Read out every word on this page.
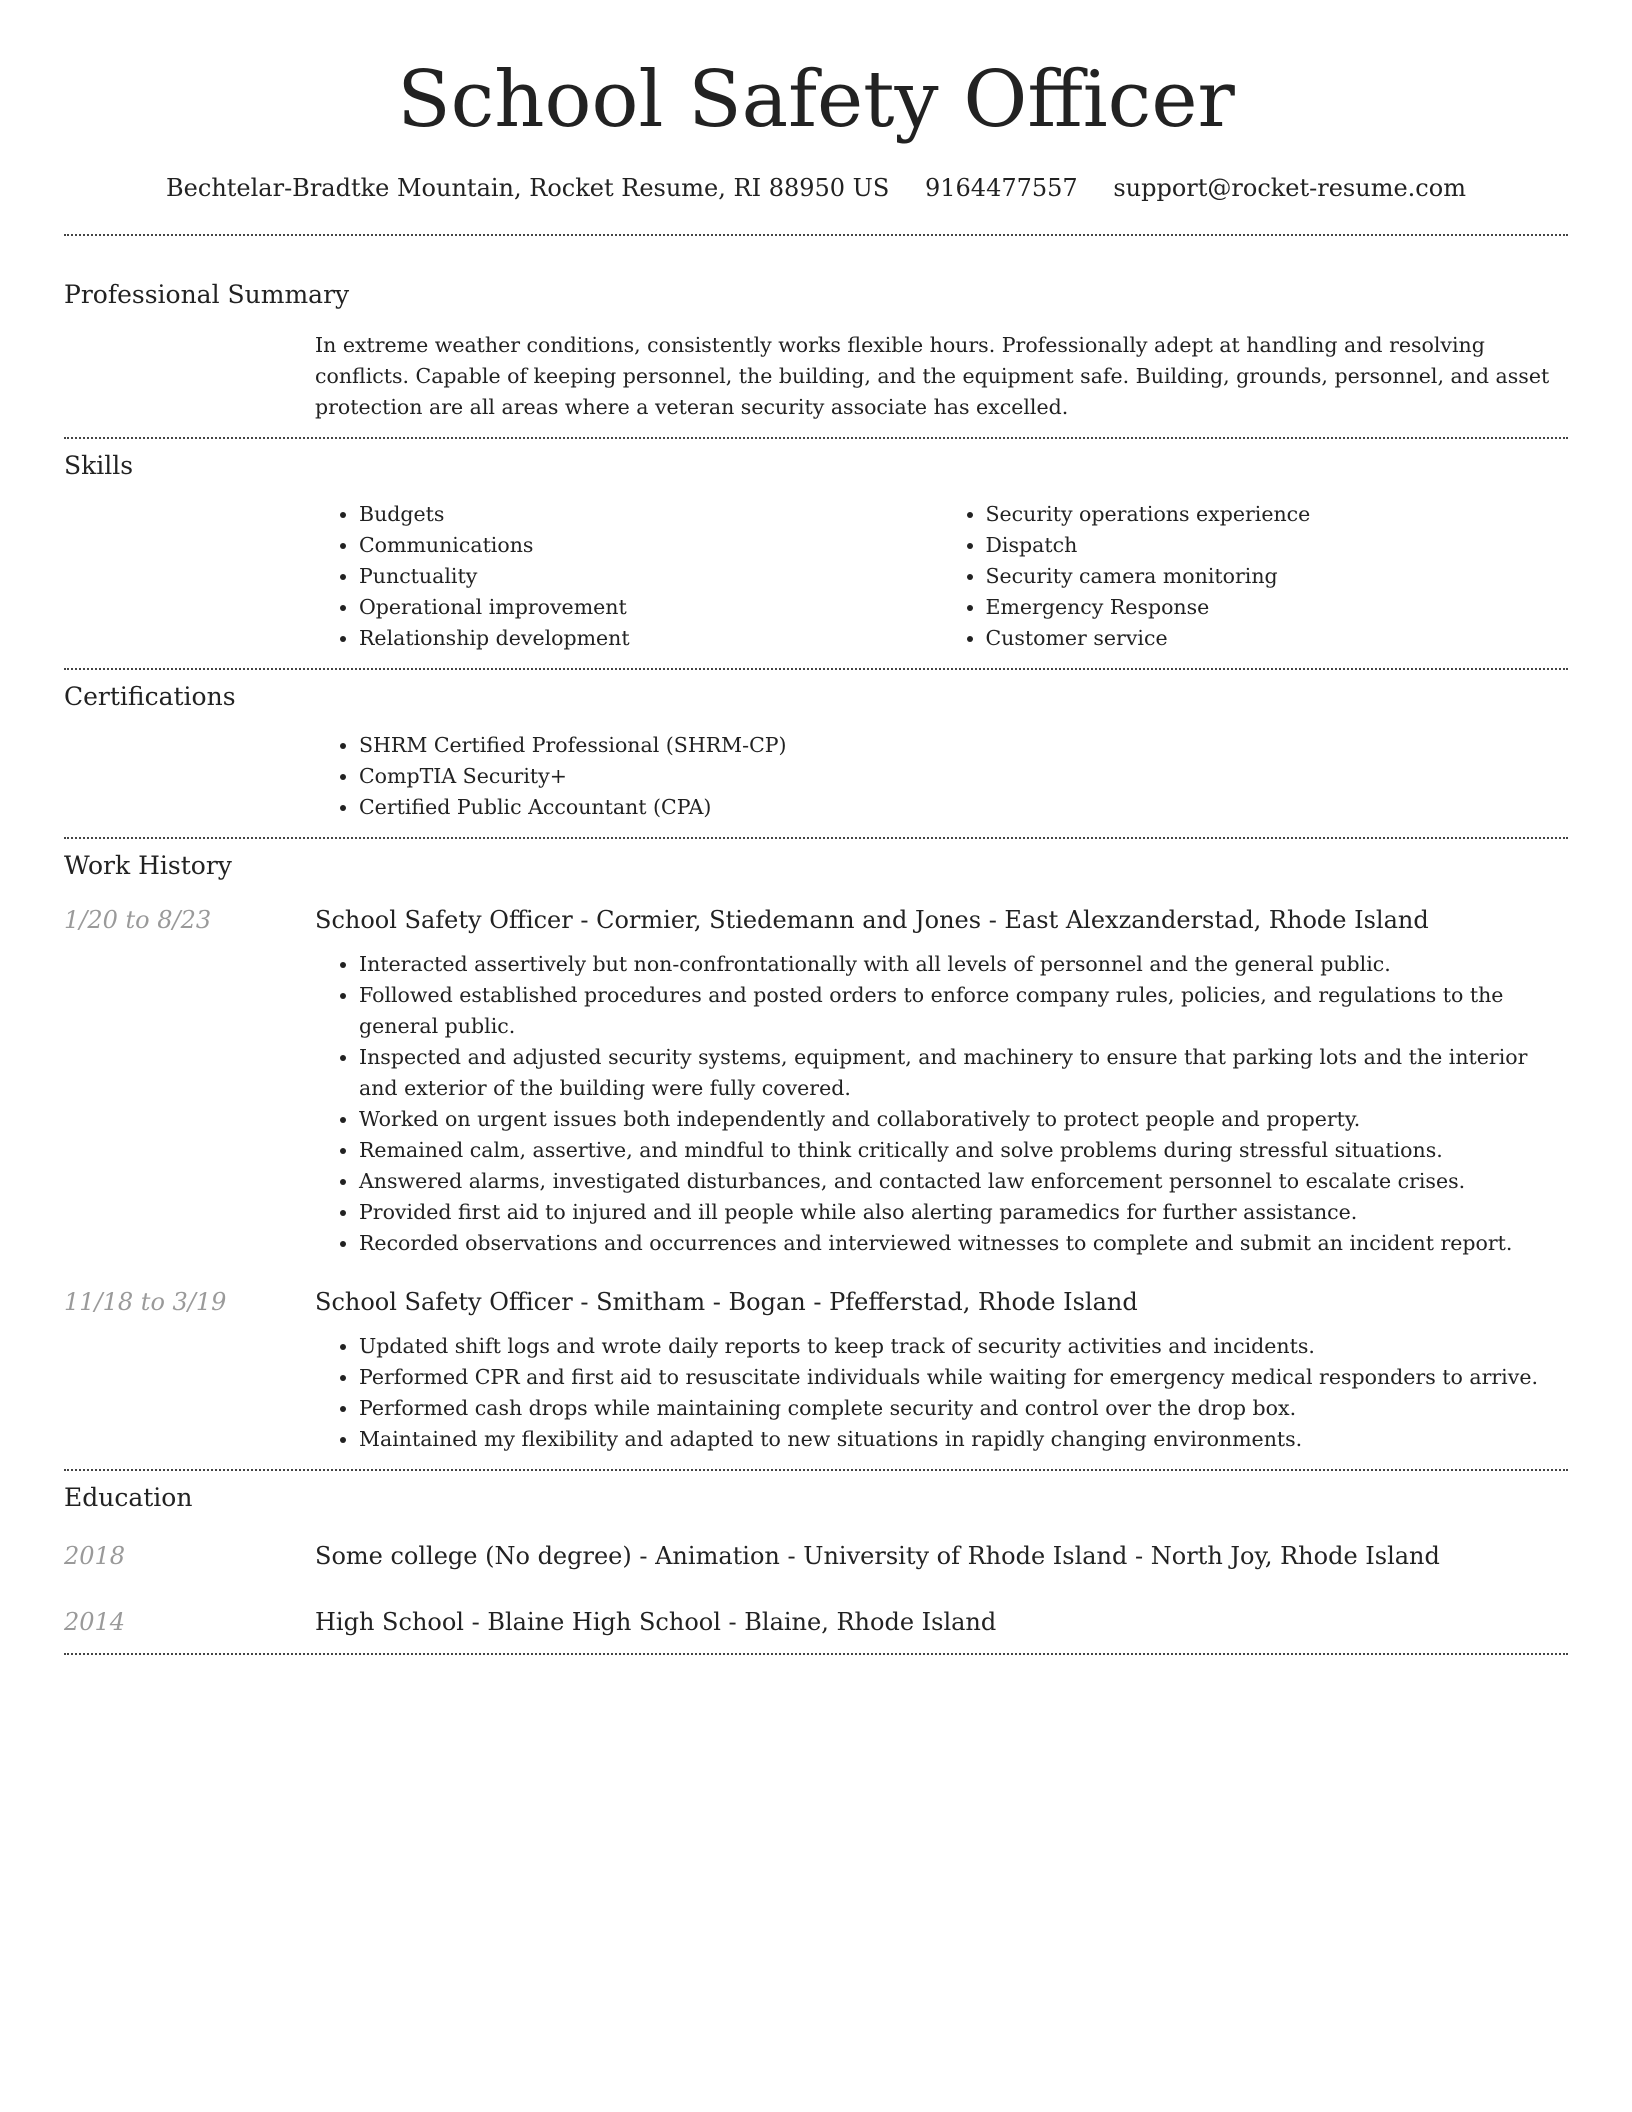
School Safety Officer
Bechtelar-Bradtke Mountain, Rocket Resume, RI 88950 US 9164477557 support@rocket-resume.com
Professional Summary

In extreme weather conditions, consistently works flexible hours. Professionally adept at handling and resolving conflicts. Capable of keeping personnel, the building, and the equipment safe. Building, grounds, personnel, and asset protection are all areas where a veteran security associate has excelled.

Skills
• Budgets
• Communications
• Punctuality
• Operational improvement
• Relationship development
• Security operations experience
• Dispatch
• Security camera monitoring
• Emergency Response
• Customer service
Certifications
• SHRM Certified Professional (SHRM-CP)
• CompTIA Security+
• Certified Public Accountant (CPA)
Work History
1/20 to 8/23	School Safety Officer - Cormier, Stiedemann and Jones - East Alexzanderstad, Rhode Island
• Interacted assertively but non-confrontationally with all levels of personnel and the general public.
• Followed established procedures and posted orders to enforce company rules, policies, and regulations to the general public.
• Inspected and adjusted security systems, equipment, and machinery to ensure that parking lots and the interior and exterior of the building were fully covered.
• Worked on urgent issues both independently and collaboratively to protect people and property.
• Remained calm, assertive, and mindful to think critically and solve problems during stressful situations.
• Answered alarms, investigated disturbances, and contacted law enforcement personnel to escalate crises.
• Provided first aid to injured and ill people while also alerting paramedics for further assistance.
• Recorded observations and occurrences and interviewed witnesses to complete and submit an incident report.
11/18 to 3/19	School Safety Officer - Smitham - Bogan - Pfefferstad, Rhode Island
• Updated shift logs and wrote daily reports to keep track of security activities and incidents.
• Performed CPR and first aid to resuscitate individuals while waiting for emergency medical responders to arrive.
• Performed cash drops while maintaining complete security and control over the drop box.
• Maintained my flexibility and adapted to new situations in rapidly changing environments.
Education
2018	Some college (No degree) - Animation - University of Rhode Island - North Joy, Rhode Island
2014	High School - Blaine High School - Blaine, Rhode Island
